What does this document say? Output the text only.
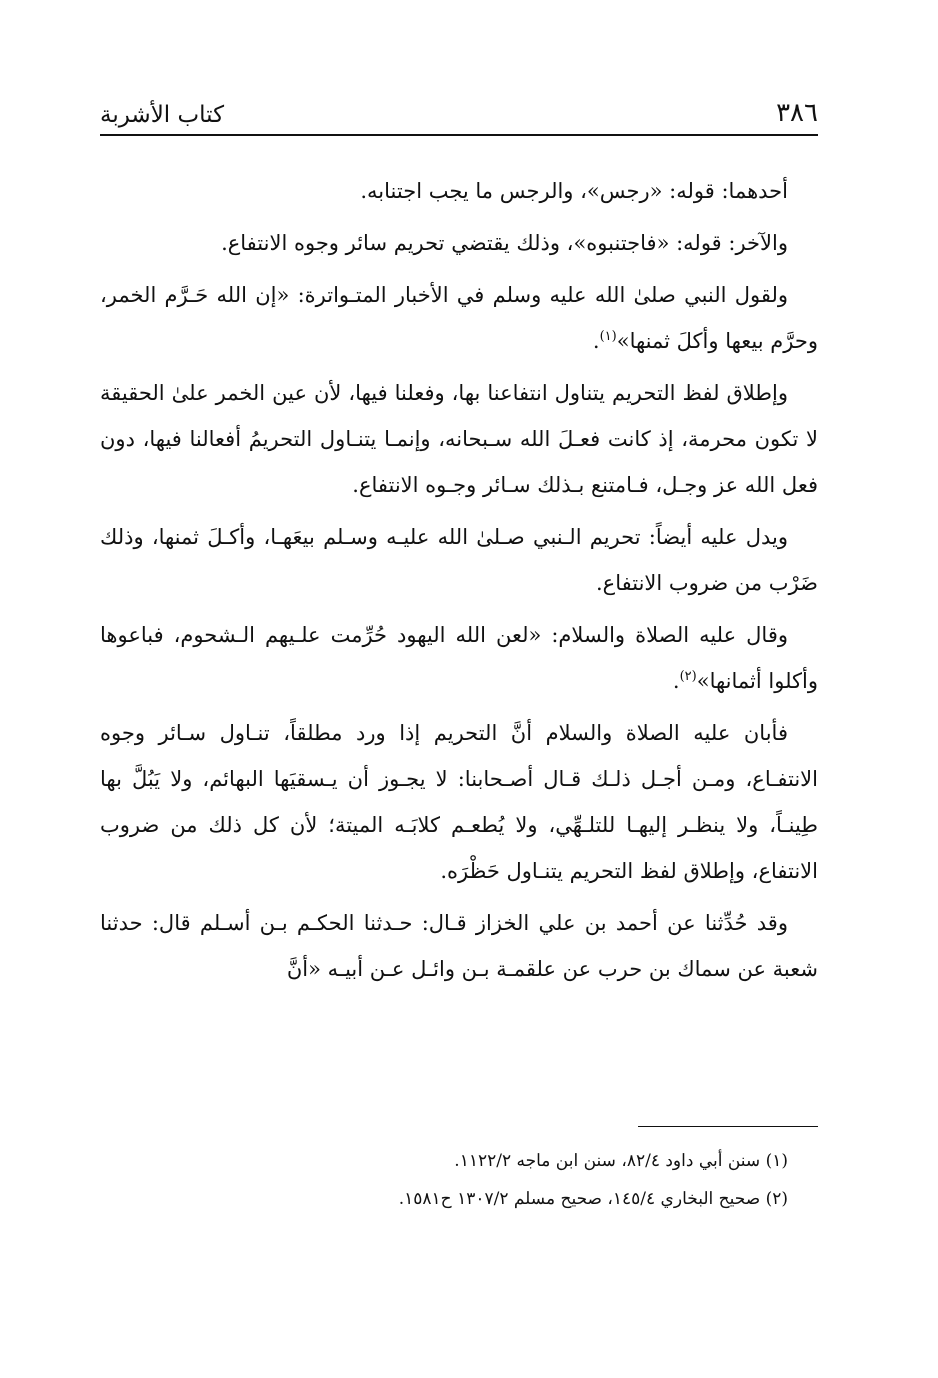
٣٨٦
كتاب الأشربة

أحدهما: قوله: «رجس»، والرجس ما يجب اجتنابه.

والآخر: قوله: «فاجتنبوه»، وذلك يقتضي تحريم سائر وجوه الانتفاع.

ولقول النبي صلىٰ الله عليه وسلم في الأخبار المتـواترة: «إن الله حَـرَّم الخمر، وحرَّم بيعها وأكلَ ثمنها»$^{(١)}$.

وإطلاق لفظ التحريم يتناول انتفاعنا بها، وفعلنا فيها، لأن عين الخمر علىٰ الحقيقة لا تكون محرمة، إذ كانت فعـلَ الله سـبحانه، وإنمـا يتنـاول التحريمُ أفعالنا فيها، دون فعل الله عز وجـل، فـامتنع بـذلك سـائر وجـوه الانتفاع.

ويدل عليه أيضاً: تحريم الـنبي صـلىٰ الله عليـه وسـلم بيعَهـا، وأكـلَ ثمنها، وذلك ضَرْب من ضروب الانتفاع.

وقال عليه الصلاة والسلام: «لعن الله اليهود حُرِّمت علـيهم الـشحوم، فباعوها وأكلوا أثمانها»$^{(٢)}$.

فأبان عليه الصلاة والسلام أنَّ التحريم إذا ورد مطلقاً، تنـاول سـائر وجوه الانتفـاع، ومـن أجـل ذلـك قـال أصـحابنا: لا يجـوز أن يـسقيَها البهائم، ولا يَبُلَّ بها طِينـاً، ولا ينظـر إليهـا للتلـهِّي، ولا يُطعـم كلابَـه الميتة؛ لأن كل ذلك من ضروب الانتفاع، وإطلاق لفظ التحريم يتنـاول حَظْرَه.

وقد حُدِّثنا عن أحمد بن علي الخزاز قـال: حـدثنا الحكـم بـن أسـلم قال: حدثنا شعبة عن سماك بن حرب عن علقمـة بـن وائـل عـن أبيـه «أنَّ

(١) سنن أبي داود ٨٢/٤، سنن ابن ماجه ١١٢٢/٢.

(٢) صحيح البخاري ١٤٥/٤، صحيح مسلم ١٣٠٧/٢ ح١٥٨١.
